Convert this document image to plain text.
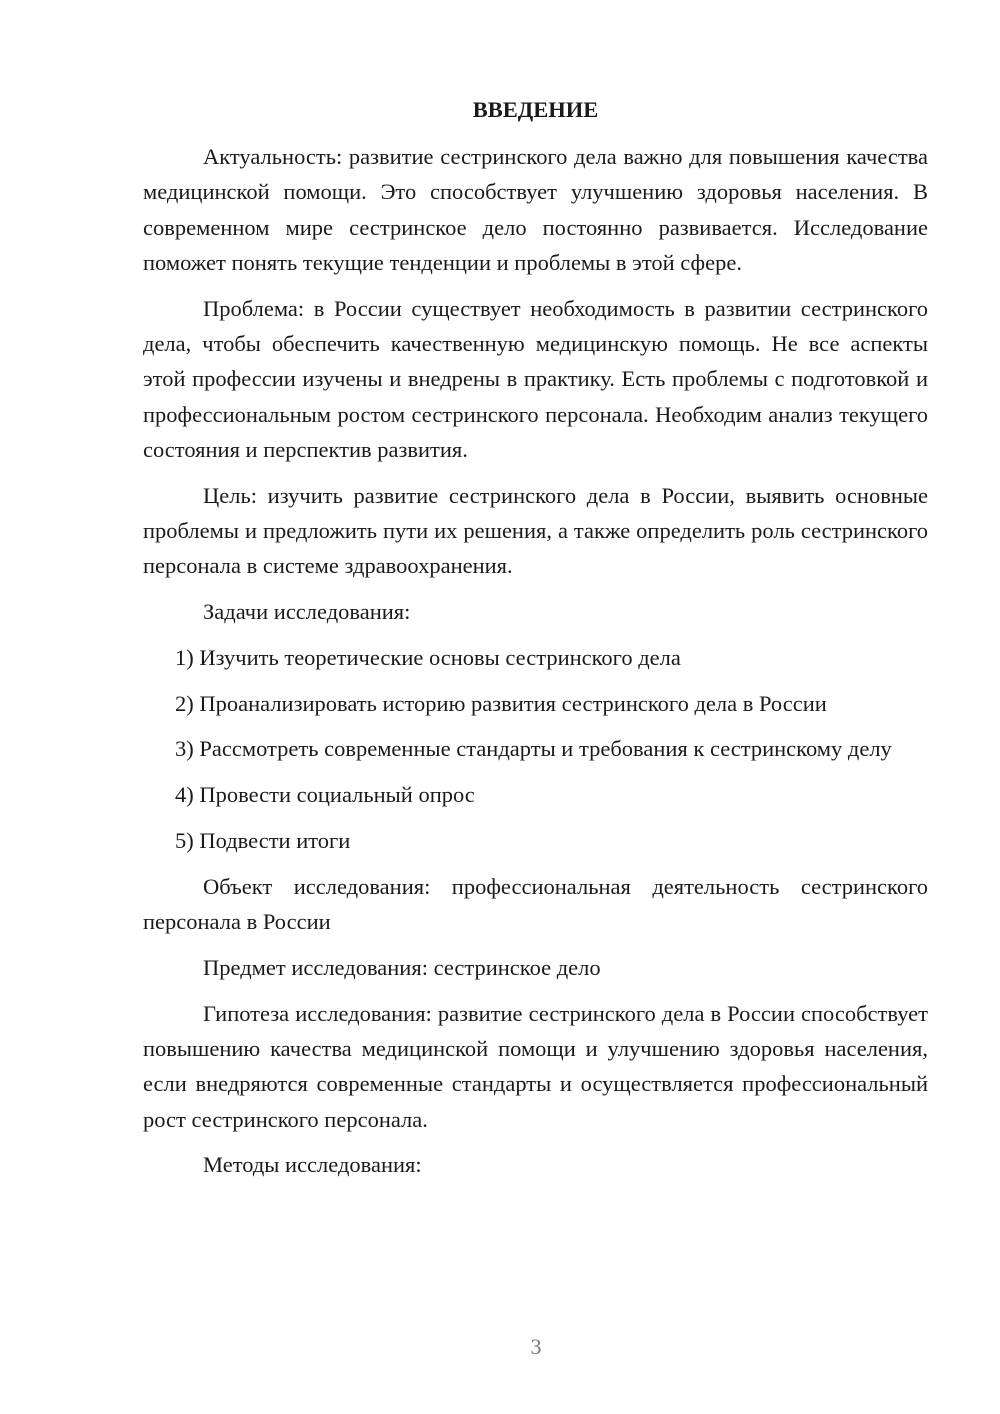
ВВЕДЕНИЕ

Актуальность: развитие сестринского дела важно для повышения качества медицинской помощи. Это способствует улучшению здоровья населения. В современном мире сестринское дело постоянно развивается. Исследование поможет понять текущие тенденции и проблемы в этой сфере.

Проблема: в России существует необходимость в развитии сестринского дела, чтобы обеспечить качественную медицинскую помощь. Не все аспекты этой профессии изучены и внедрены в практику. Есть проблемы с подготовкой и профессиональным ростом сестринского персонала. Необходим анализ текущего состояния и перспектив развития.

Цель: изучить развитие сестринского дела в России, выявить основные проблемы и предложить пути их решения, а также определить роль сестринского персонала в системе здравоохранения.

Задачи исследования:

1) Изучить теоретические основы сестринского дела

2) Проанализировать историю развития сестринского дела в России

3) Рассмотреть современные стандарты и требования к сестринскому делу

4) Провести социальный опрос

5) Подвести итоги

Объект исследования: профессиональная деятельность сестринского персонала в России

Предмет исследования: сестринское дело

Гипотеза исследования: развитие сестринского дела в России способствует повышению качества медицинской помощи и улучшению здоровья населения, если внедряются современные стандарты и осуществляется профессиональный рост сестринского персонала.

Методы исследования:

3
